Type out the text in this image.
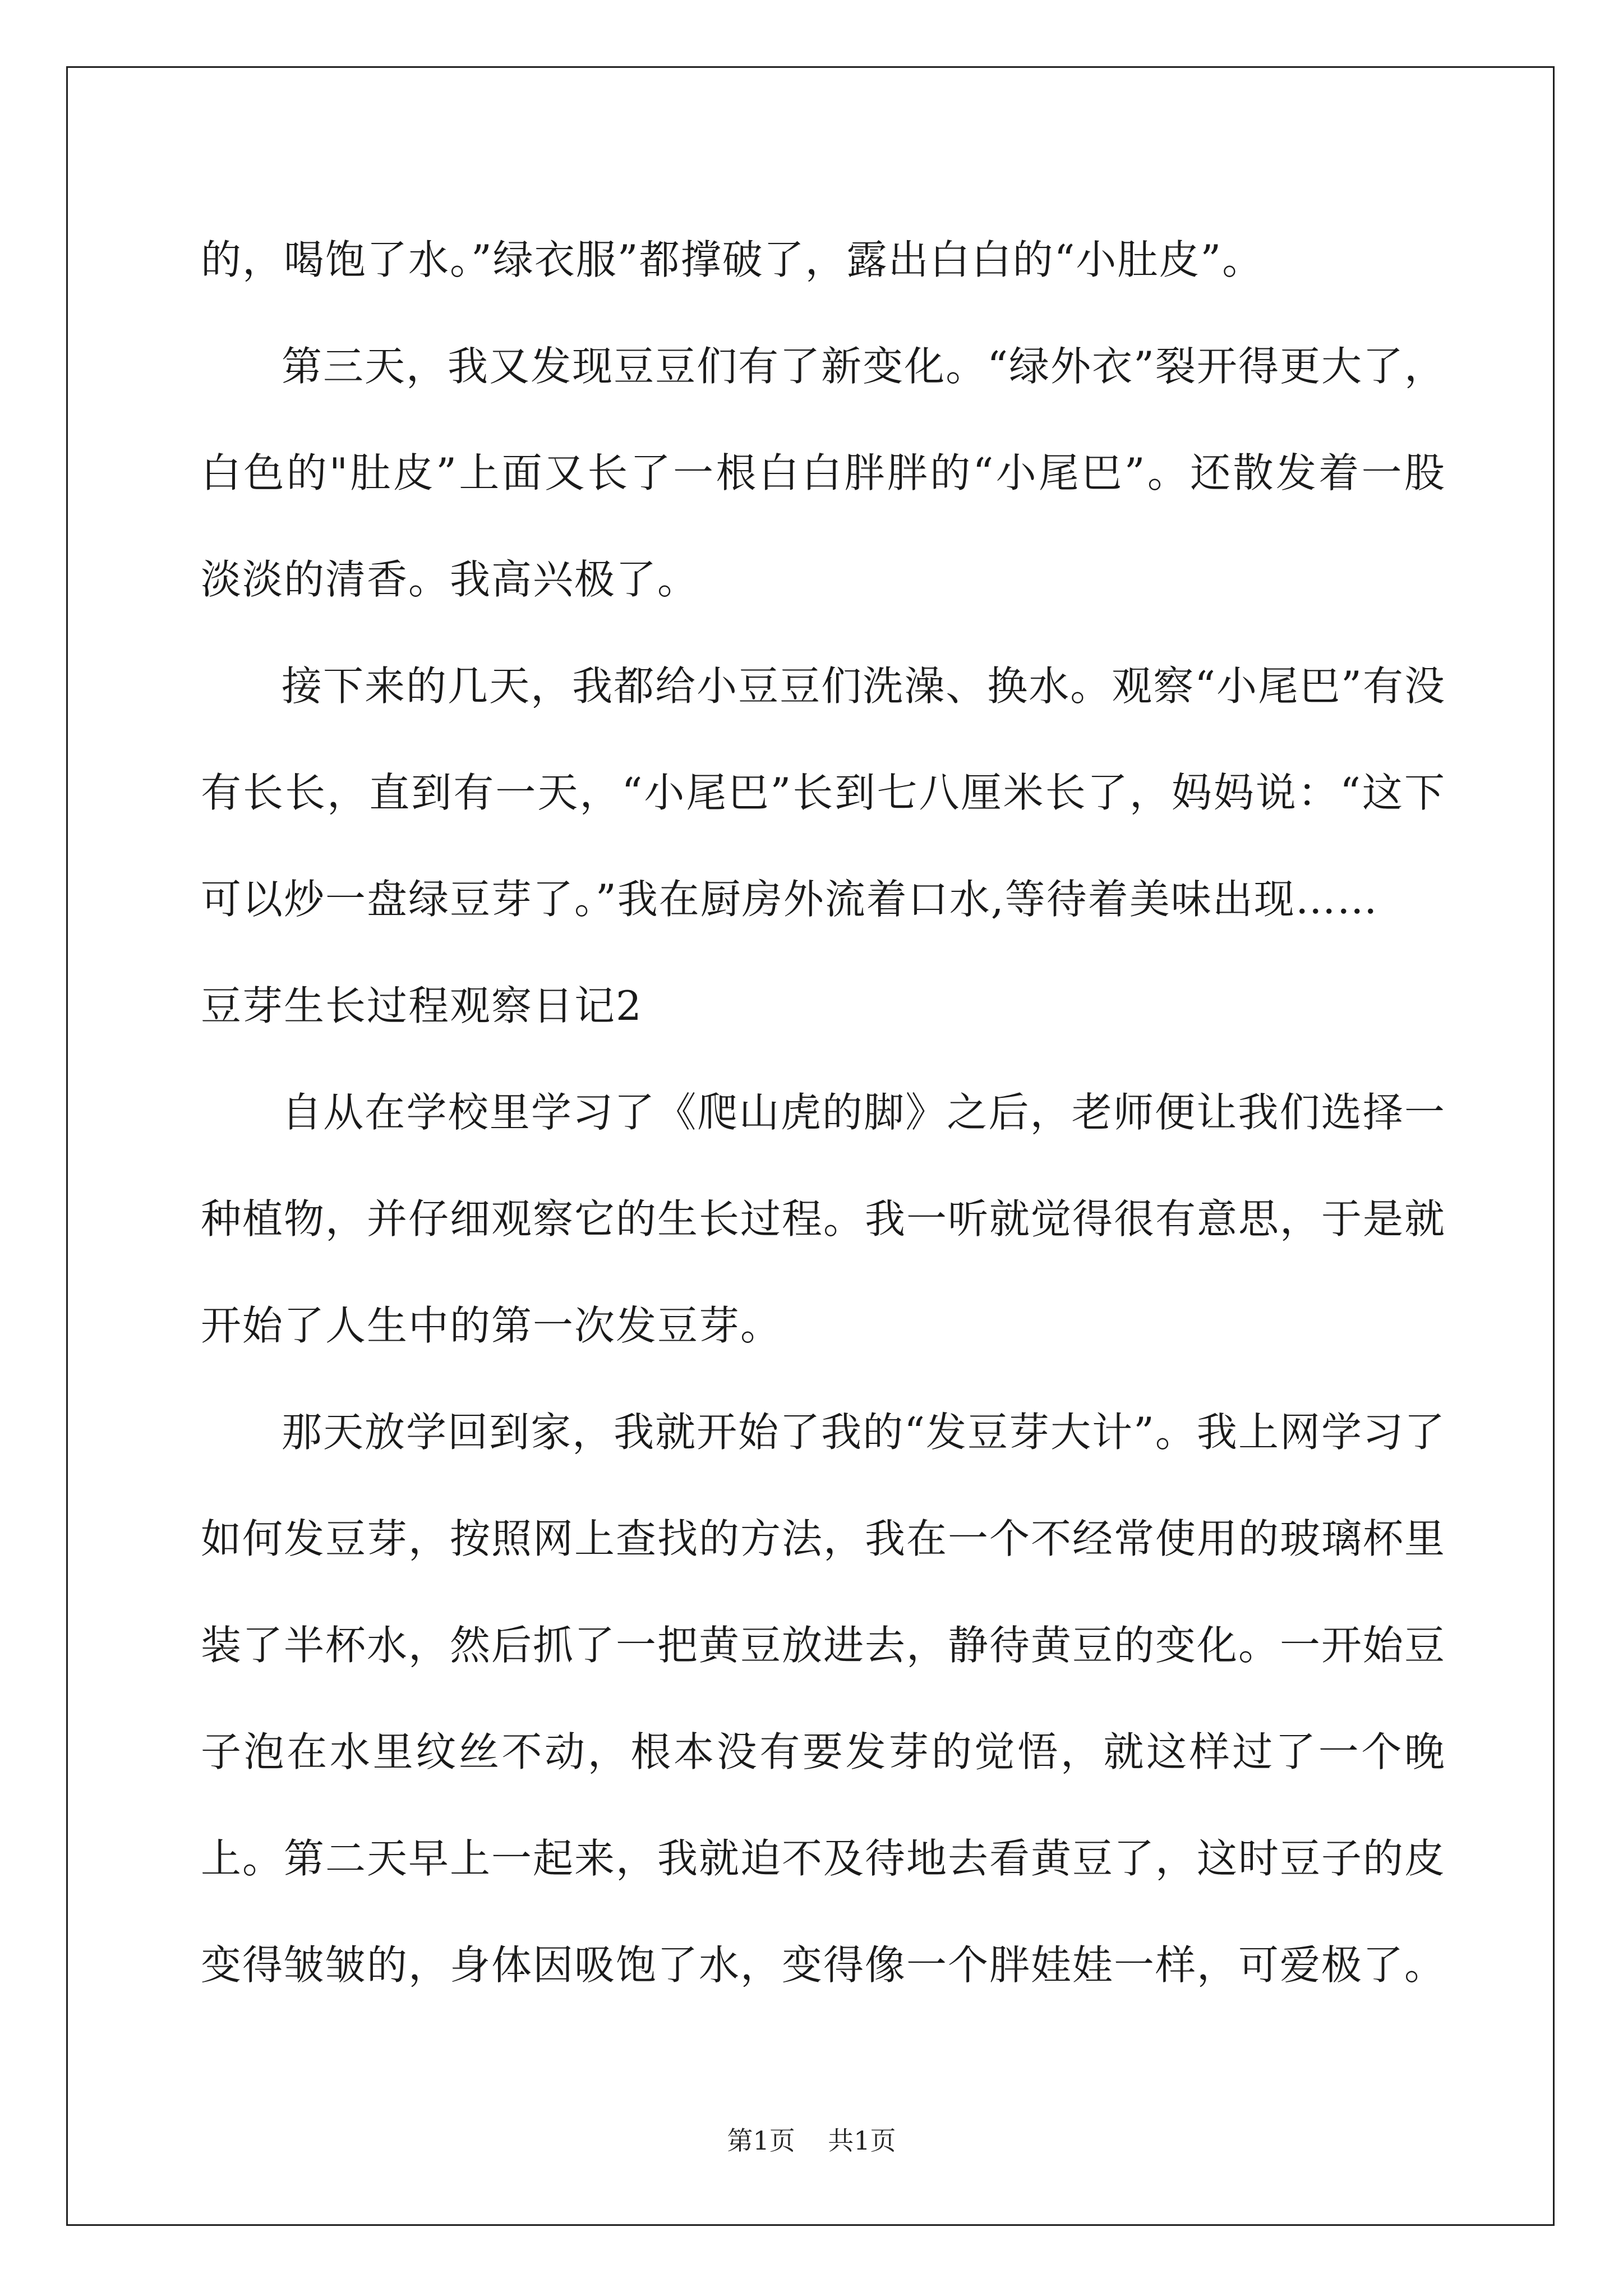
的，喝饱了水。”绿衣服”都撑破了，露出白白的“小肚皮”。

第三天，我又发现豆豆们有了新变化。“绿外衣”裂开得更大了，白色的"肚皮”上面又长了一根白白胖胖的“小尾巴”。还散发着一股淡淡的清香。我高兴极了。

接下来的几天，我都给小豆豆们洗澡、换水。观察“小尾巴”有没有长长，直到有一天，“小尾巴”长到七八厘米长了，妈妈说：“这下可以炒一盘绿豆芽了。”我在厨房外流着口水,等待着美味出现……

豆芽生长过程观察日记2

自从在学校里学习了《爬山虎的脚》之后，老师便让我们选择一种植物，并仔细观察它的生长过程。我一听就觉得很有意思，于是就开始了人生中的第一次发豆芽。

那天放学回到家，我就开始了我的“发豆芽大计”。我上网学习了如何发豆芽，按照网上查找的方法，我在一个不经常使用的玻璃杯里装了半杯水，然后抓了一把黄豆放进去，静待黄豆的变化。一开始豆子泡在水里纹丝不动，根本没有要发芽的觉悟，就这样过了一个晚上。第二天早上一起来，我就迫不及待地去看黄豆了，这时豆子的皮变得皱皱的，身体因吸饱了水，变得像一个胖娃娃一样，可爱极了。

第1页 共1页
